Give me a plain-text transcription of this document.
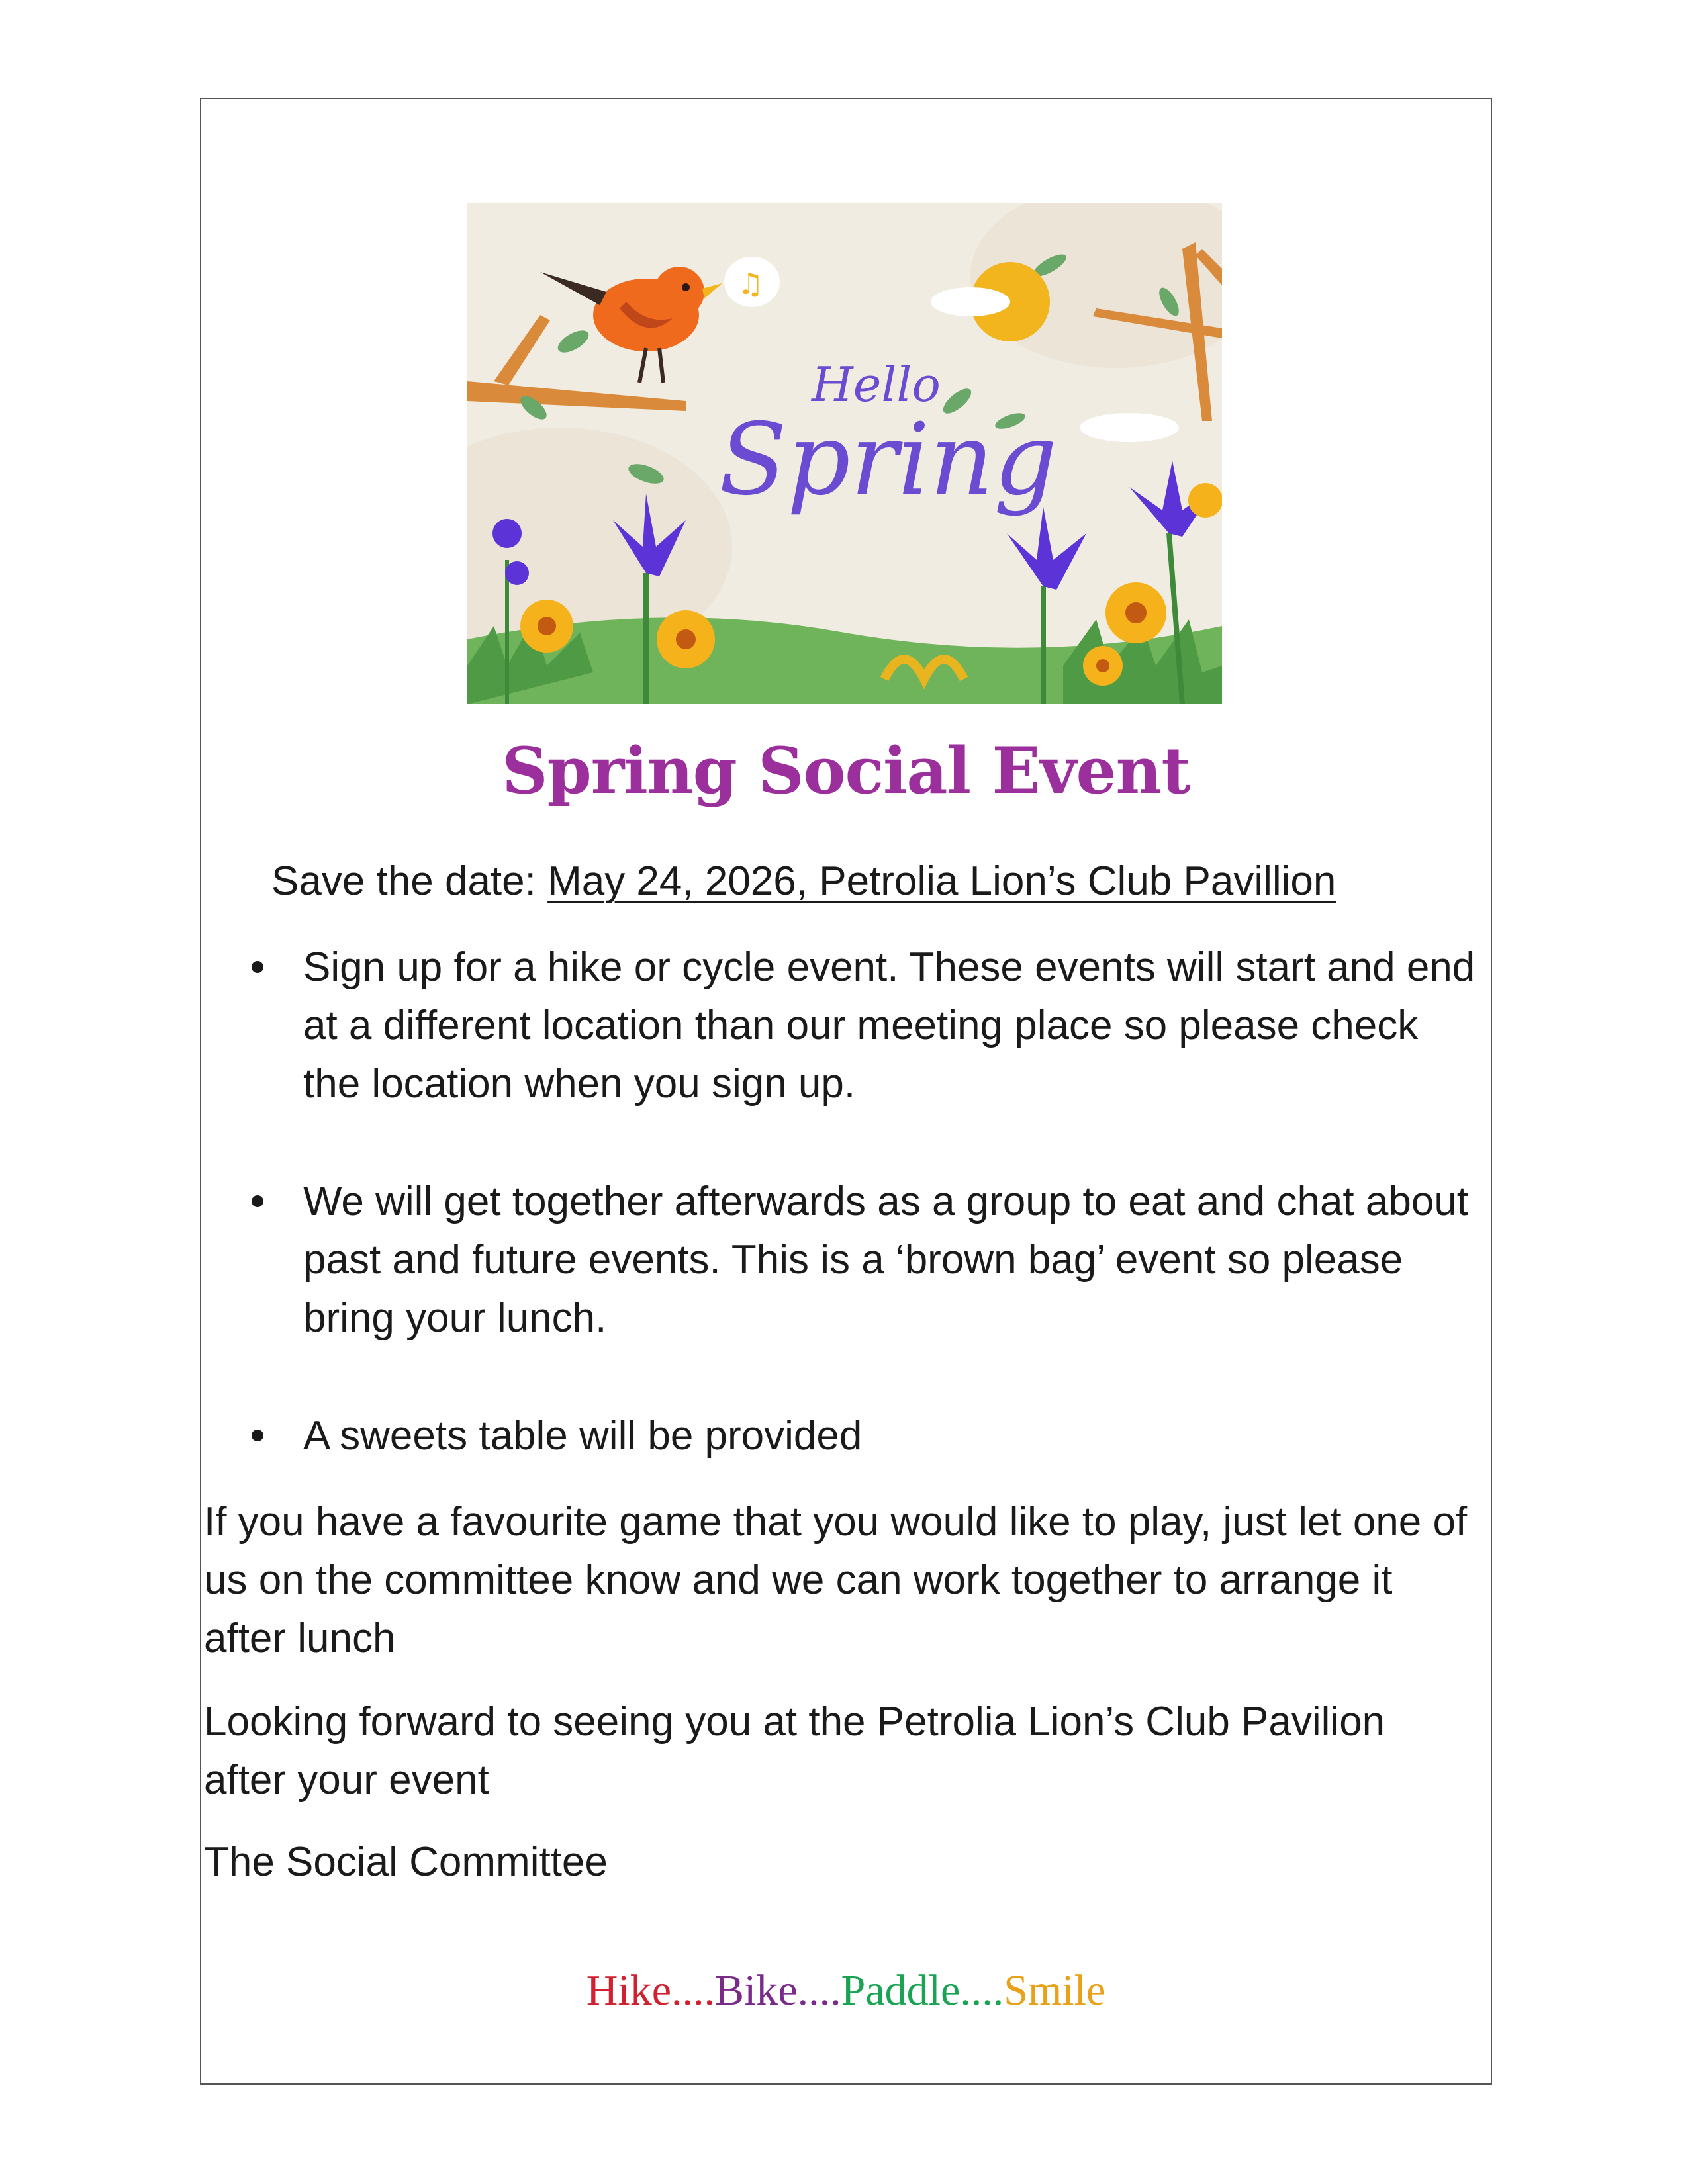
♫
Hello
Spring
Spring Social Event
Save the date: May 24, 2026, Petrolia Lion’s Club Pavillion
Sign up for a hike or cycle event. These events will start and end at a different location than our meeting place so please check the location when you sign up.
We will get together afterwards as a group to eat and chat about past and future events. This is a ‘brown bag’ event so please bring your lunch.
A sweets table will be provided

If you have a favourite game that you would like to play, just let one of us on the committee know and we can work together to arrange it after lunch

Looking forward to seeing you at the Petrolia Lion’s Club Pavilion after your event

The Social Committee

Hike....Bike....Paddle....Smile
